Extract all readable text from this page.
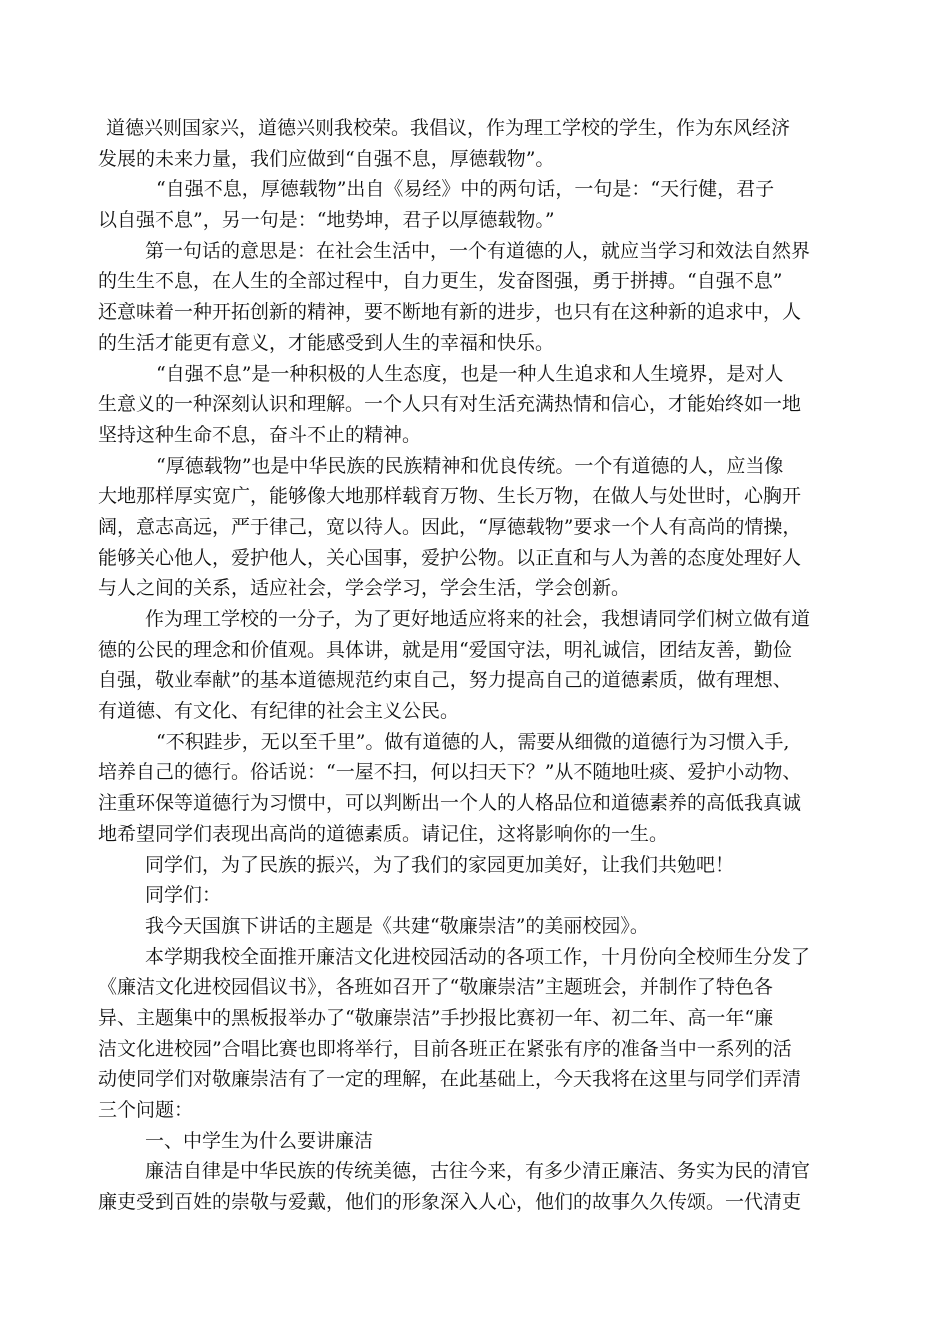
道德兴则国家兴，道德兴则我校荣。我倡议，作为理工学校的学生，作为东风经济
发展的未来力量，我们应做到“自强不息，厚德载物”。
“自强不息，厚德载物”出自《易经》中的两句话，一句是：“天行健，君子
以自强不息”，另一句是：“地势坤，君子以厚德载物。”
第一句话的意思是：在社会生活中，一个有道德的人，就应当学习和效法自然界
的生生不息，在人生的全部过程中，自力更生，发奋图强，勇于拼搏。“自强不息”
还意味着一种开拓创新的精神，要不断地有新的进步，也只有在这种新的追求中，人
的生活才能更有意义，才能感受到人生的幸福和快乐。
“自强不息”是一种积极的人生态度，也是一种人生追求和人生境界，是对人
生意义的一种深刻认识和理解。一个人只有对生活充满热情和信心，才能始终如一地
坚持这种生命不息，奋斗不止的精神。
“厚德载物”也是中华民族的民族精神和优良传统。一个有道德的人，应当像
大地那样厚实宽广，能够像大地那样载育万物、生长万物，在做人与处世时，心胸开
阔，意志高远，严于律己，宽以待人。因此，“厚德载物”要求一个人有高尚的情操，
能够关心他人，爱护他人，关心国事，爱护公物。以正直和与人为善的态度处理好人
与人之间的关系，适应社会，学会学习，学会生活，学会创新。
作为理工学校的一分子，为了更好地适应将来的社会，我想请同学们树立做有道
德的公民的理念和价值观。具体讲，就是用“爱国守法，明礼诚信，团结友善，勤俭
自强，敬业奉献”的基本道德规范约束自己，努力提高自己的道德素质，做有理想、
有道德、有文化、有纪律的社会主义公民。
“不积跬步，无以至千里”。做有道德的人，需要从细微的道德行为习惯入手,
培养自己的德行。俗话说：“一屋不扫，何以扫天下？”从不随地吐痰、爱护小动物、
注重环保等道德行为习惯中，可以判断出一个人的人格品位和道德素养的高低我真诚
地希望同学们表现出高尚的道德素质。请记住，这将影响你的一生。
同学们，为了民族的振兴，为了我们的家园更加美好，让我们共勉吧！
同学们：
我今天国旗下讲话的主题是《共建“敬廉崇洁”的美丽校园》。
本学期我校全面推开廉洁文化进校园活动的各项工作，十月份向全校师生分发了
《廉洁文化进校园倡议书》，各班如召开了“敬廉崇洁”主题班会，并制作了特色各
异、主题集中的黑板报举办了“敬廉崇洁”手抄报比赛初一年、初二年、高一年“廉
洁文化进校园”合唱比赛也即将举行，目前各班正在紧张有序的准备当中一系列的活
动使同学们对敬廉崇洁有了一定的理解，在此基础上，今天我将在这里与同学们弄清
三个问题：
一、中学生为什么要讲廉洁
廉洁自律是中华民族的传统美德，古往今来，有多少清正廉洁、务实为民的清官
廉吏受到百姓的崇敬与爱戴，他们的形象深入人心，他们的故事久久传颂。一代清吏
